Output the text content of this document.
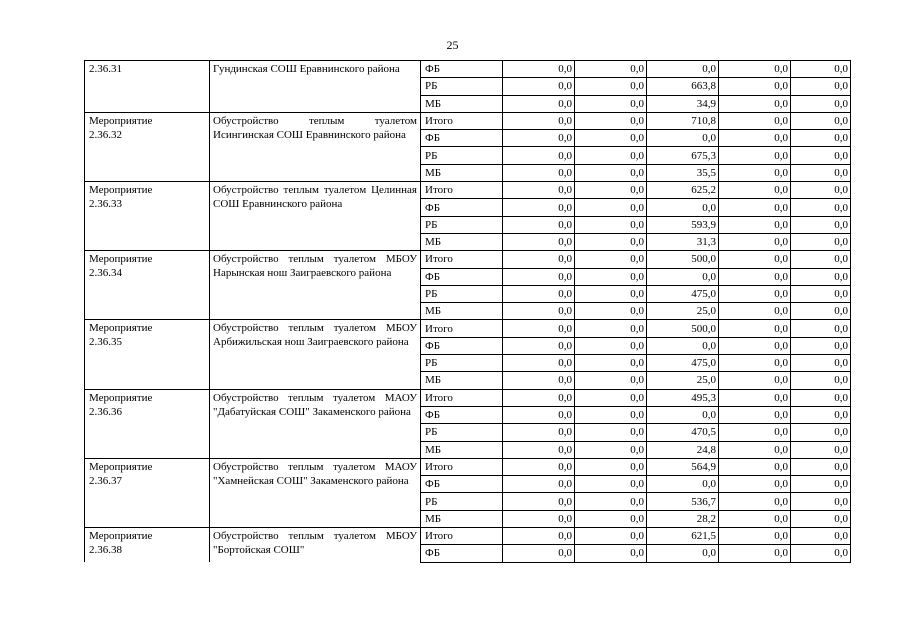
25
2.36.31	Гундинская СОШ Еравнинского района	ФБ	0,0	0,0	0,0	0,0	0,0
		РБ	0,0	0,0	663,8	0,0	0,0
		МБ	0,0	0,0	34,9	0,0	0,0

Мероприятие
2.36.32	Обустройство теплым туалетом Исингинская СОШ Еравнинского района	Итого	0,0	0,0	710,8	0,0	0,0
		ФБ	0,0	0,0	0,0	0,0	0,0
		РБ	0,0	0,0	675,3	0,0	0,0
		МБ	0,0	0,0	35,5	0,0	0,0

Мероприятие
2.36.33	Обустройство теплым туалетом Целинная СОШ Еравнинского района	Итого	0,0	0,0	625,2	0,0	0,0
		ФБ	0,0	0,0	0,0	0,0	0,0
		РБ	0,0	0,0	593,9	0,0	0,0
		МБ	0,0	0,0	31,3	0,0	0,0

Мероприятие
2.36.34	Обустройство теплым туалетом МБОУ Нарынская нош Заиграевского района	Итого	0,0	0,0	500,0	0,0	0,0
		ФБ	0,0	0,0	0,0	0,0	0,0
		РБ	0,0	0,0	475,0	0,0	0,0
		МБ	0,0	0,0	25,0	0,0	0,0

Мероприятие
2.36.35	Обустройство теплым туалетом МБОУ Арбижильская нош Заиграевского района	Итого	0,0	0,0	500,0	0,0	0,0
		ФБ	0,0	0,0	0,0	0,0	0,0
		РБ	0,0	0,0	475,0	0,0	0,0
		МБ	0,0	0,0	25,0	0,0	0,0

Мероприятие
2.36.36	Обустройство теплым туалетом МАОУ "Дабатуйская СОШ" Закаменского района	Итого	0,0	0,0	495,3	0,0	0,0
		ФБ	0,0	0,0	0,0	0,0	0,0
		РБ	0,0	0,0	470,5	0,0	0,0
		МБ	0,0	0,0	24,8	0,0	0,0

Мероприятие
2.36.37	Обустройство теплым туалетом МАОУ "Хамнейская СОШ" Закаменского района	Итого	0,0	0,0	564,9	0,0	0,0
		ФБ	0,0	0,0	0,0	0,0	0,0
		РБ	0,0	0,0	536,7	0,0	0,0
		МБ	0,0	0,0	28,2	0,0	0,0

Мероприятие
2.36.38	Обустройство теплым туалетом МБОУ "Бортойская СОШ"	Итого	0,0	0,0	621,5	0,0	0,0
		ФБ	0,0	0,0	0,0	0,0	0,0
